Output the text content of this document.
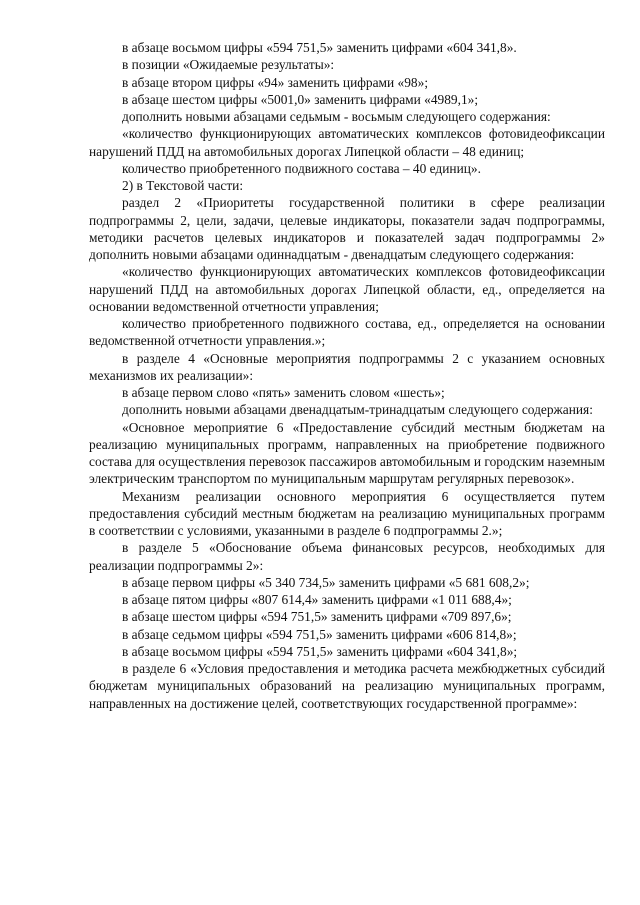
в абзаце восьмом цифры «594 751,5» заменить цифрами «604 341,8».

в позиции «Ожидаемые результаты»:

в абзаце втором цифры «94» заменить цифрами «98»;

в абзаце шестом цифры «5001,0» заменить цифрами «4989,1»;

дополнить новыми абзацами седьмым - восьмым следующего содержания:

«количество функционирующих автоматических комплексов фотовидеофиксации нарушений ПДД на автомобильных дорогах Липецкой области – 48 единиц;

количество приобретенного подвижного состава – 40 единиц».

2) в Текстовой части:

раздел 2 «Приоритеты государственной политики в сфере реализации подпрограммы 2, цели, задачи, целевые индикаторы, показатели задач подпрограммы, методики расчетов целевых индикаторов и показателей задач подпрограммы 2» дополнить новыми абзацами одиннадцатым - двенадцатым следующего содержания:

«количество функционирующих автоматических комплексов фотовидеофиксации нарушений ПДД на автомобильных дорогах Липецкой области, ед., определяется на основании ведомственной отчетности управления;

количество приобретенного подвижного состава, ед., определяется на основании ведомственной отчетности управления.»;

в разделе 4 «Основные мероприятия подпрограммы 2 с указанием основных механизмов их реализации»:

в абзаце первом слово «пять» заменить словом «шесть»;

дополнить новыми абзацами двенадцатым-тринадцатым следующего содержания:

«Основное мероприятие 6 «Предоставление субсидий местным бюджетам на реализацию муниципальных программ, направленных на приобретение подвижного состава для осуществления перевозок пассажиров автомобильным и городским наземным электрическим транспортом по муниципальным маршрутам регулярных перевозок».

Механизм реализации основного мероприятия 6 осуществляется путем предоставления субсидий местным бюджетам на реализацию муниципальных программ в соответствии с условиями, указанными в разделе 6 подпрограммы 2.»;

в разделе 5 «Обоснование объема финансовых ресурсов, необходимых для реализации подпрограммы 2»:

в абзаце первом цифры «5 340 734,5» заменить цифрами «5 681 608,2»;

в абзаце пятом цифры «807 614,4» заменить цифрами «1 011 688,4»;

в абзаце шестом цифры «594 751,5» заменить цифрами «709 897,6»;

в абзаце седьмом цифры «594 751,5» заменить цифрами «606 814,8»;

в абзаце восьмом цифры «594 751,5» заменить цифрами «604 341,8»;

в разделе 6 «Условия предоставления и методика расчета межбюджетных субсидий бюджетам муниципальных образований на реализацию муниципальных программ, направленных на достижение целей, соответствующих государственной программе»:
